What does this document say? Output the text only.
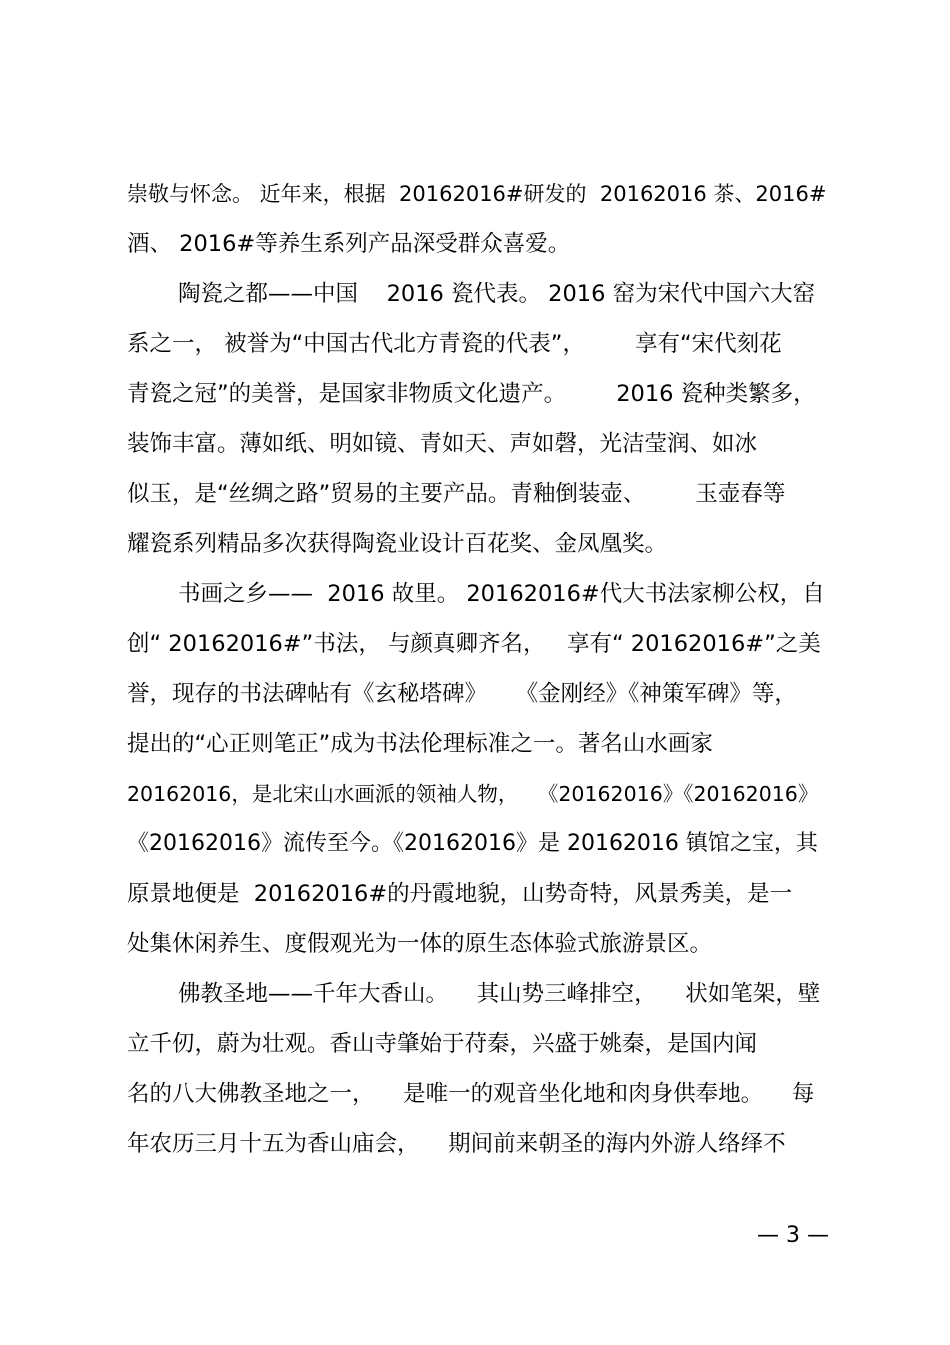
崇敬与怀念。 近年来，根据  20162016#研发的  20162016 茶、2016#
酒、 2016#等养生系列产品深受群众喜爱。
陶瓷之都——中国    2016 瓷代表。 2016 窑为宋代中国六大窑
系之一， 被誉为“中国古代北方青瓷的代表”，       享有“宋代刻花
青瓷之冠”的美誉，是国家非物质文化遗产。       2016 瓷种类繁多，
装饰丰富。薄如纸、明如镜、青如天、声如磬，光洁莹润、如冰
似玉，是“丝绸之路”贸易的主要产品。青釉倒装壶、       玉壶春等
耀瓷系列精品多次获得陶瓷业设计百花奖、金凤凰奖。
书画之乡——  2016 故里。 20162016#代大书法家柳公权，自
创“ 20162016#”书法， 与颜真卿齐名，   享有“ 20162016#”之美
誉，现存的书法碑帖有《玄秘塔碑》    《金刚经》《神策军碑》等，
提出的“心正则笔正”成为书法伦理标准之一。著名山水画家
20162016，是北宋山水画派的领袖人物，   《20162016》《20162016》
《20162016》流传至今。《20162016》是 20162016 镇馆之宝，其
原景地便是  20162016#的丹霞地貌，山势奇特，风景秀美，是一
处集休闲养生、度假观光为一体的原生态体验式旅游景区。
佛教圣地——千年大香山。    其山势三峰排空，    状如笔架，壁
立千仞，蔚为壮观。香山寺肇始于苻秦，兴盛于姚秦，是国内闻
名的八大佛教圣地之一，    是唯一的观音坐化地和肉身供奉地。    每
年农历三月十五为香山庙会，    期间前来朝圣的海内外游人络绎不
— 3 —
